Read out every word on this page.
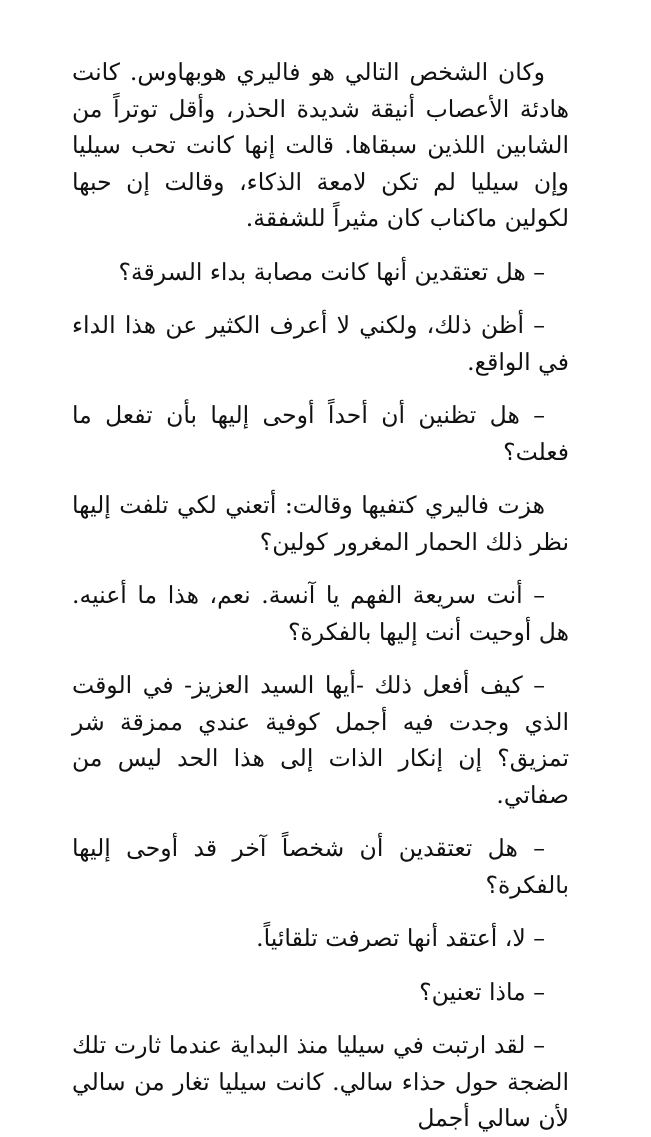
وكان الشخص التالي هو فاليري هوبهاوس. كانت هادئة الأعصاب أنيقة شديدة الحذر، وأقل توتراً من الشابين اللذين سبقاها. قالت إنها كانت تحب سيليا وإن سيليا لم تكن لامعة الذكاء، وقالت إن حبها لكولين ماكناب كان مثيراً للشفقة.

– هل تعتقدين أنها كانت مصابة بداء السرقة؟

– أظن ذلك، ولكني لا أعرف الكثير عن هذا الداء في الواقع.

– هل تظنين أن أحداً أوحى إليها بأن تفعل ما فعلت؟

هزت فاليري كتفيها وقالت: أتعني لكي تلفت إليها نظر ذلك الحمار المغرور كولين؟

– أنت سريعة الفهم يا آنسة. نعم، هذا ما أعنيه. هل أوحيت أنت إليها بالفكرة؟

– كيف أفعل ذلك -أيها السيد العزيز- في الوقت الذي وجدت فيه أجمل كوفية عندي ممزقة شر تمزيق؟ إن إنكار الذات إلى هذا الحد ليس من صفاتي.

– هل تعتقدين أن شخصاً آخر قد أوحى إليها بالفكرة؟

– لا، أعتقد أنها تصرفت تلقائياً.

– ماذا تعنين؟

– لقد ارتبت في سيليا منذ البداية عندما ثارت تلك الضجة حول حذاء سالي. كانت سيليا تغار من سالي لأن سالي أجمل
